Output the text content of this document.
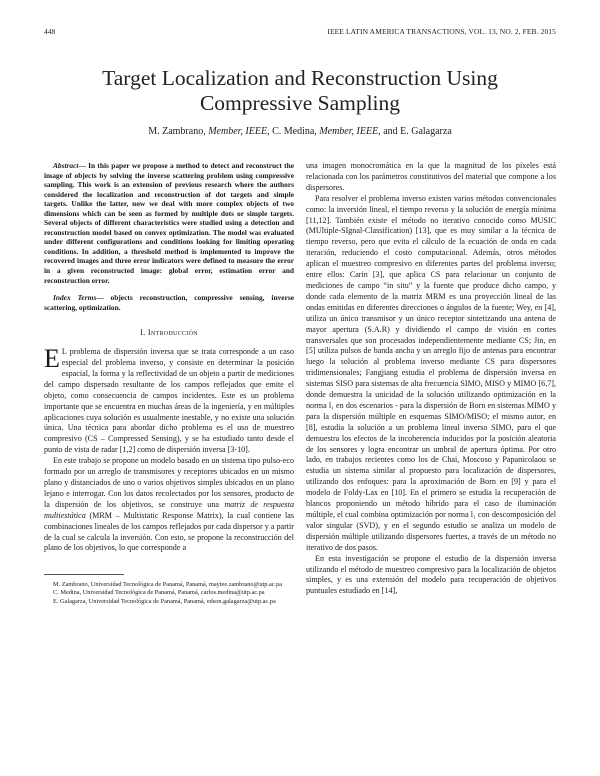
448	IEEE LATIN AMERICA TRANSACTIONS, VOL. 13, NO. 2, FEB. 2015
Target Localization and Reconstruction Using
Compressive Sampling
M. Zambrano, Member, IEEE, C. Medina, Member, IEEE, and E. Galagarza

Abstract— In this paper we propose a method to detect and reconstruct the image of objects by solving the inverse scattering problem using compressive sampling. This work is an extension of previous research where the authors considered the localization and reconstruction of dot targets and simple targets. Unlike the latter, now we deal with more complex objects of two dimensions which can be seen as formed by multiple dots or simple targets. Several objects of different characteristics were studied using a detection and reconstruction model based on convex optimization. The model was evaluated under different configurations and conditions looking for limiting operating conditions. In addition, a threshold method is implemented to improve the recovered images and three error indicators were defined to measure the error in a given reconstructed image: global error, estimation error and reconstruction error.

Index Terms— objects reconstruction, compressive sensing, inverse scattering, optimization.

I. Introducción

E L problema de dispersión inversa que se trata corresponde a un caso especial del problema inverso, y consiste en determinar la posición espacial, la forma y la reflectividad de un objeto a partir de mediciones del campo dispersado resultante de los campos reflejados que emite el objeto, como consecuencia de campos incidentes. Este es un problema importante que se encuentra en muchas áreas de la ingeniería, y en múltiples aplicaciones cuya solución es usualmente inestable, y no existe una solución única. Una técnica para abordar dicho problema es el uso de muestreo compresivo (CS – Compressed Sensing), y se ha estudiado tanto desde el punto de vista de radar [1,2] como de dispersión inversa [3-10].

En este trabajo se propone un modelo basado en un sistema tipo pulso-eco formado por un arreglo de transmisores y receptores ubicados en un mismo plano y distanciados de uno o varios objetivos simples ubicados en un plano lejano e interrogar. Con los datos recolectados por los sensores, producto de la dispersión de los objetivos, se construye una matriz de respuesta multiestática (MRM – Multistatic Response Matrix), la cual contiene las combinaciones lineales de los campos reflejados por cada dispersor y a partir de la cual se calcula la inversión. Con esto, se propone la reconstrucción del plano de los objetivos, lo que corresponde a

M. Zambrano, Universidad Tecnológica de Panamá, Panamá, maytee.zambrano@utp.ac.pa

C. Medina, Universidad Tecnológica de Panamá, Panamá, carlos.medina@utp.ac.pa

E. Galagarza, Universidad Tecnológica de Panamá, Panamá, edson.galagarza@utp.ac.pa

una imagen monocromática en la que la magnitud de los píxeles está relacionada con los parámetros constitutivos del material que compone a los dispersores.

Para resolver el problema inverso existen varios métodos convencionales como: la inversión lineal, el tiempo reverso y la solución de energía mínima [11,12]. También existe el método no iterativo conocido como MUSIC (MUltiple-SIgnal-Classification) [13], que es muy similar a la técnica de tiempo reverso, pero que evita el cálculo de la ecuación de onda en cada iteración, reduciendo el costo computacional. Además, otros métodos aplican el muestreo compresivo en diferentes partes del problema inverso; entre ellos: Carin [3], que aplica CS para relacionar un conjunto de mediciones de campo “in situ” y la fuente que produce dicho campo, y donde cada elemento de la matriz MRM es una proyección lineal de las ondas emitidas en diferentes direcciones o ángulos de la fuente; Wey, en [4], utiliza un único transmisor y un único receptor sintetizando una antena de mayor apertura (S.A.R) y dividiendo el campo de visión en cortes transversales que son procesados independientemente mediante CS; Jin, en [5] utiliza pulsos de banda ancha y un arreglo fijo de antenas para encontrar luego la solución al problema inverso mediante CS para dispersores tridimensionales; Fangjiang estudia el problema de dispersión inversa en sistemas SISO para sistemas de alta frecuencia SIMO, MISO y MIMO [6,7], donde demuestra la unicidad de la solución utilizando optimización en la norma l₁ en dos escenarios - para la dispersión de Born en sistemas MIMO y para la dispersión múltiple en esquemas SIMO/MISO; el mismo autor, en [8], estudia la solución a un problema lineal inverso SIMO, para el que demuestra los efectos de la incoherencia inducidos por la posición aleatoria de los sensores y logra encontrar un umbral de apertura óptima. Por otro lado, en trabajos recientes como los de Chai, Moscoso y Papanicolaou se estudia un sistema similar al propuesto para localización de dispersores, utilizando dos enfoques: para la aproximación de Born en [9] y para el modelo de Foldy-Lax en [10]. En el primero se estudia la recuperación de blancos proponiendo un método híbrido para el caso de iluminación múltiple, el cual combina optimización por norma l₁ con descomposición del valor singular (SVD), y en el segundo estudio se analiza un modelo de dispersión múltiple utilizando dispersores fuertes, a través de un método no iterativo de dos pasos.

En esta investigación se propone el estudio de la dispersión inversa utilizando el método de muestreo compresivo para la localización de objetos simples, y es una extensión del modelo para recuperación de objetivos puntuales estudiado en [14],
